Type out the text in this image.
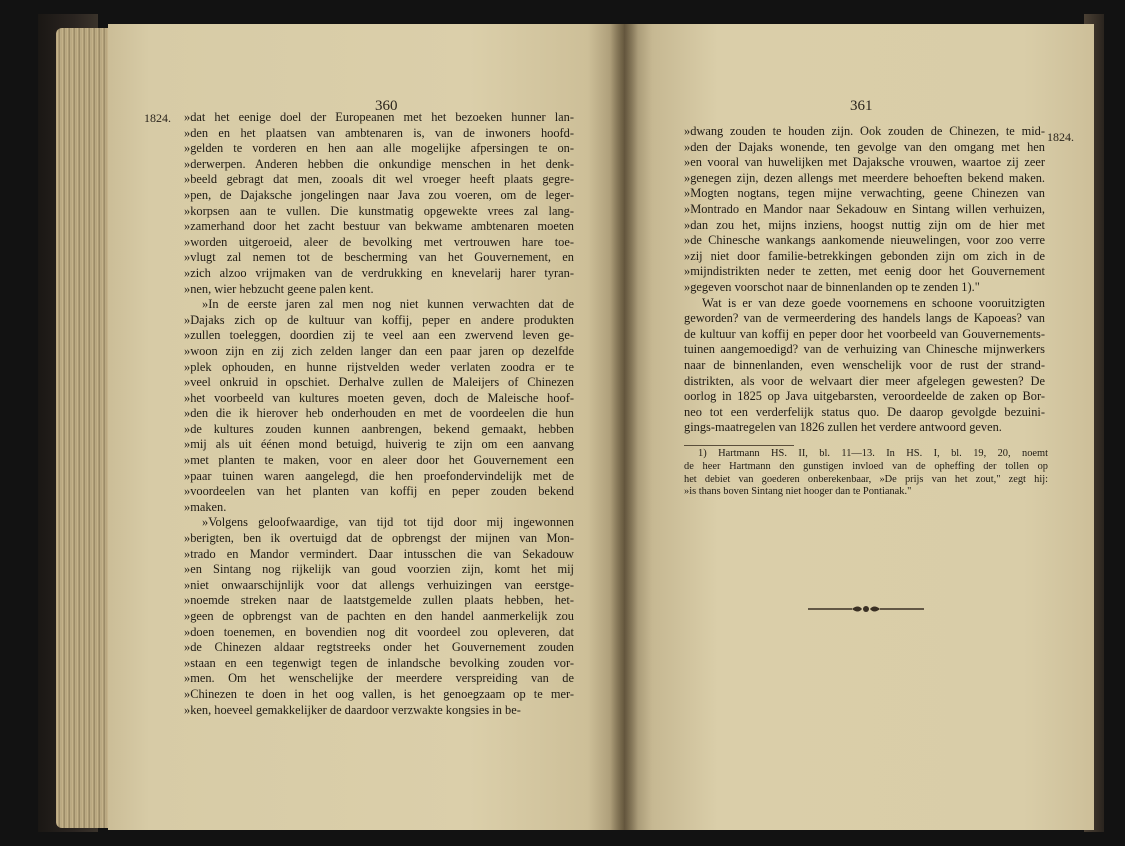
360
1824. »dat het eenige doel der Europeanen met het bezoeken hunner lan-
»den en het plaatsen van ambtenaren is, van de inwoners hoofd-
»gelden te vorderen en hen aan alle mogelijke afpersingen te on-
»derwerpen. Anderen hebben die onkundige menschen in het denk-
»beeld gebragt dat men, zooals dit wel vroeger heeft plaats gegre-
»pen, de Dajaksche jongelingen naar Java zou voeren, om de leger-
»korpsen aan te vullen. Die kunstmatig opgewekte vrees zal lang-
»zamerhand door het zacht bestuur van bekwame ambtenaren moeten
»worden uitgeroeid, aleer de bevolking met vertrouwen hare toe-
»vlugt zal nemen tot de bescherming van het Gouvernement, en
»zich alzoo vrijmaken van de verdrukking en knevelarij harer tyran-
»nen, wier hebzucht geene palen kent.
»In de eerste jaren zal men nog niet kunnen verwachten dat de
»Dajaks zich op de kultuur van koffij, peper en andere produkten
»zullen toeleggen, doordien zij te veel aan een zwervend leven ge-
»woon zijn en zij zich zelden langer dan een paar jaren op dezelfde
»plek ophouden, en hunne rijstvelden weder verlaten zoodra er te
»veel onkruid in opschiet. Derhalve zullen de Maleijers of Chinezen
»het voorbeeld van kultures moeten geven, doch de Maleische hoof-
»den die ik hierover heb onderhouden en met de voordeelen die hun
»de kultures zouden kunnen aanbrengen, bekend gemaakt, hebben
»mij als uit éénen mond betuigd, huiverig te zijn om een aanvang
»met planten te maken, voor en aleer door het Gouvernement een
»paar tuinen waren aangelegd, die hen proefondervindelijk met de
»voordeelen van het planten van koffij en peper zouden bekend
»maken.
»Volgens geloofwaardige, van tijd tot tijd door mij ingewonnen
»berigten, ben ik overtuigd dat de opbrengst der mijnen van Mon-
»trado en Mandor vermindert. Daar intusschen die van Sekadouw
»en Sintang nog rijkelijk van goud voorzien zijn, komt het mij
»niet onwaarschijnlijk voor dat allengs verhuizingen van eerstge-
»noemde streken naar de laatstgemelde zullen plaats hebben, het-
»geen de opbrengst van de pachten en den handel aanmerkelijk zou
»doen toenemen, en bovendien nog dit voordeel zou opleveren, dat
»de Chinezen aldaar regtstreeks onder het Gouvernement zouden
»staan en een tegenwigt tegen de inlandsche bevolking zouden vor-
»men. Om het wenschelijke der meerdere verspreiding van de
»Chinezen te doen in het oog vallen, is het genoegzaam op te mer-
»ken, hoeveel gemakkelijker de daardoor verzwakte kongsies in be-
361
1824.
»dwang zouden te houden zijn. Ook zouden de Chinezen, te mid-
»den der Dajaks wonende, ten gevolge van den omgang met hen
»en vooral van huwelijken met Dajaksche vrouwen, waartoe zij zeer
»genegen zijn, dezen allengs met meerdere behoeften bekend maken.
»Mogten nogtans, tegen mijne verwachting, geene Chinezen van
»Montrado en Mandor naar Sekadouw en Sintang willen verhuizen,
»dan zou het, mijns inziens, hoogst nuttig zijn om de hier met
»de Chinesche wankangs aankomende nieuwelingen, voor zoo verre
»zij niet door familie-betrekkingen gebonden zijn om zich in de
»mijndistrikten neder te zetten, met eenig door het Gouvernement
»gegeven voorschot naar de binnenlanden op te zenden 1)."
Wat is er van deze goede voornemens en schoone vooruitzigten
geworden? van de vermeerdering des handels langs de Kapoeas? van
de kultuur van koffij en peper door het voorbeeld van Gouvernements-
tuinen aangemoedigd? van de verhuizing van Chinesche mijnwerkers
naar de binnenlanden, even wenschelijk voor de rust der strand-
distrikten, als voor de welvaart dier meer afgelegen gewesten? De
oorlog in 1825 op Java uitgebarsten, veroordeelde de zaken op Bor-
neo tot een verderfelijk status quo. De daarop gevolgde bezuini-
gings-maatregelen van 1826 zullen het verdere antwoord geven.
1) Hartmann HS. II, bl. 11—13. In HS. I, bl. 19, 20, noemt
de heer Hartmann den gunstigen invloed van de opheffing der tollen op
het debiet van goederen onberekenbaar, »De prijs van het zout," zegt hij:
»is thans boven Sintang niet hooger dan te Pontianak."
